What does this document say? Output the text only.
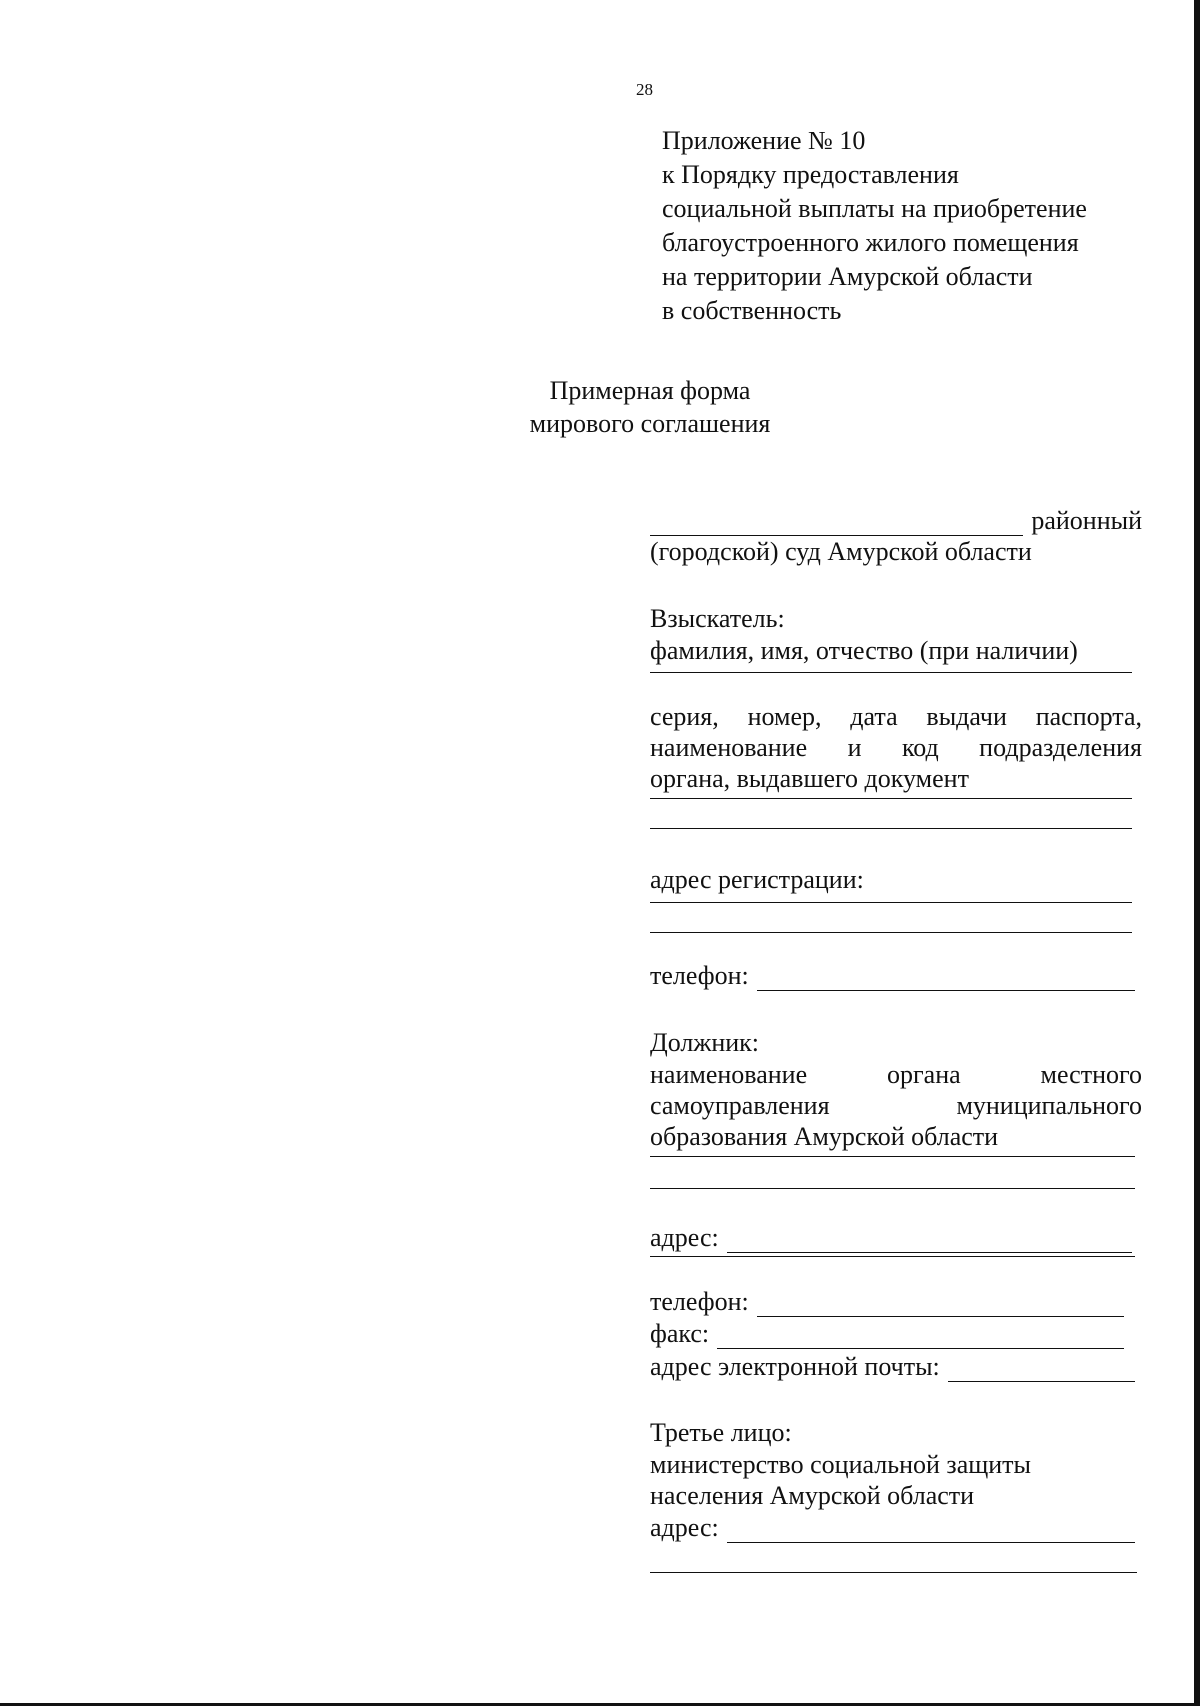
28
Приложение № 10
к Порядку предоставления
социальной выплаты на приобретение
благоустроенного жилого помещения
на территории Амурской области
в собственность
Примерная форма
мирового соглашения
районный
(городской) суд Амурской области
Взыскатель:
фамилия, имя, отчество (при наличии)
серия, номер, дата выдачи паспорта,
наименование и код подразделения
органа, выдавшего документ
адрес регистрации:
телефон:
Должник:
наименование органа местного
самоуправления муниципального
образования Амурской области
адрес:
телефон:
факс:
адрес электронной почты:
Третье лицо:
министерство социальной защиты
населения Амурской области
адрес:
